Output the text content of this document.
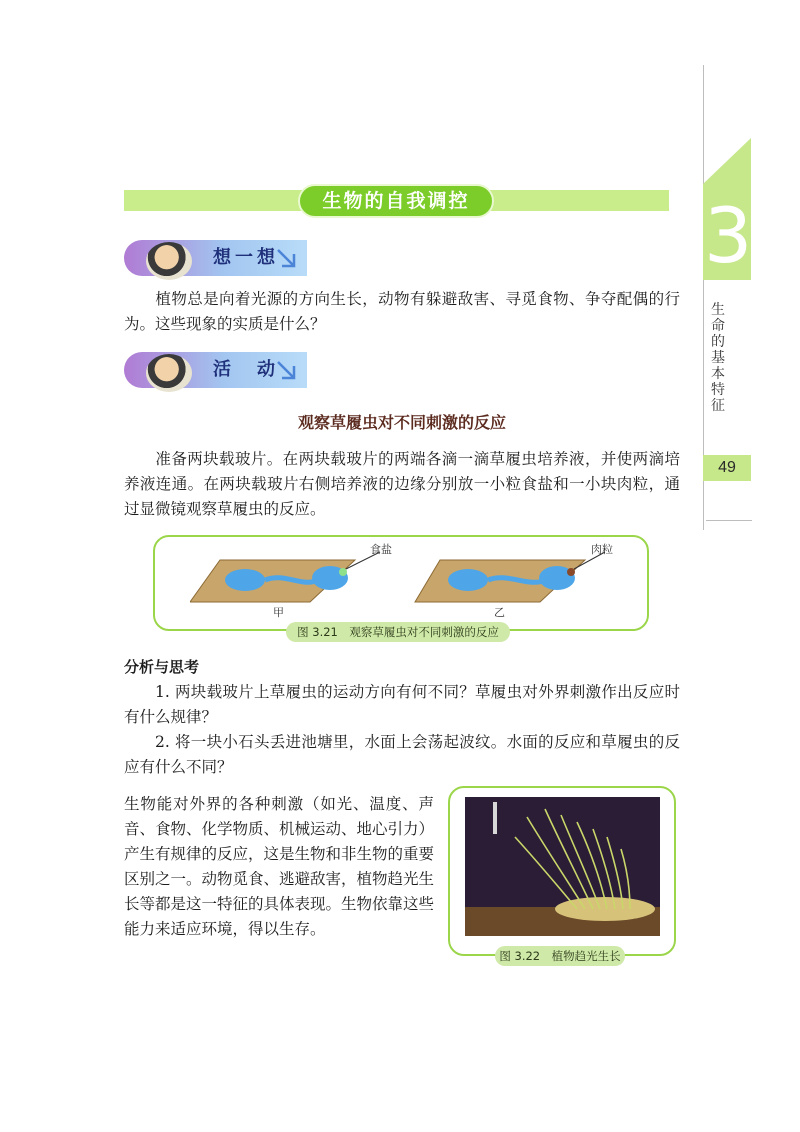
3
生命的基本特征
49
生物的自我调控
想一想

植物总是向着光源的方向生长，动物有躲避敌害、寻觅食物、争夺配偶的行为。这些现象的实质是什么？

活　动
观察草履虫对不同刺激的反应

准备两块载玻片。在两块载玻片的两端各滴一滴草履虫培养液，并使两滴培养液连通。在两块载玻片右侧培养液的边缘分别放一小粒食盐和一小块肉粒，通过显微镜观察草履虫的反应。

食盐	肉粒
甲	乙
图 3.21　观察草履虫对不同刺激的反应
分析与思考

1. 两块载玻片上草履虫的运动方向有何不同？草履虫对外界刺激作出反应时有什么规律？

2. 将一块小石头丢进池塘里，水面上会荡起波纹。水面的反应和草履虫的反应有什么不同？

生物能对外界的各种刺激（如光、温度、声音、食物、化学物质、机械运动、地心引力）产生有规律的反应，这是生物和非生物的重要区别之一。动物觅食、逃避敌害，植物趋光生长等都是这一特征的具体表现。生物依靠这些能力来适应环境，得以生存。

图 3.22　植物趋光生长
